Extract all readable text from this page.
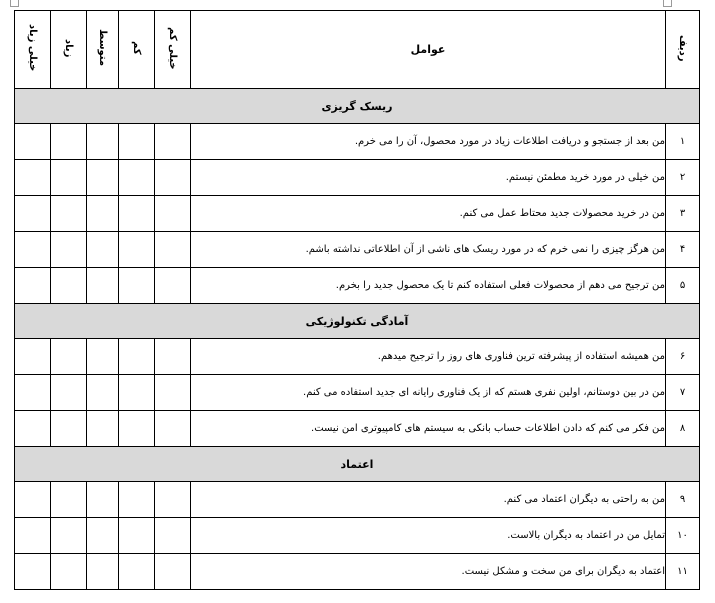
ردیف	عوامل	خیلی کم	کم	متوسط	زیاد	خیلی زیاد
ریسک گریزی						
۱	من بعد از جستجو و دریافت اطلاعات زیاد در مورد محصول، آن را می خرم.					
۲	من خیلی در مورد خرید مطمئن نیستم.					
۳	من در خرید محصولات جدید محتاط عمل می کنم.					
۴	من هرگز چیزی را نمی خرم که در مورد ریسک های ناشی از آن اطلاعاتی نداشته باشم.					
۵	من ترجیح می دهم از محصولات فعلی استفاده کنم تا یک محصول جدید را بخرم.					
آمادگی تکنولوژیکی						
۶	من همیشه استفاده از پیشرفته ترین فناوری های روز را ترجیح میدهم.					
۷	من در بین دوستانم، اولین نفری هستم که از یک فناوری رایانه ای جدید استفاده می کنم.					
۸	من فکر می کنم که دادن اطلاعات حساب بانکی به سیستم های کامپیوتری امن نیست.					
اعتماد						
۹	من به راحتی به دیگران اعتماد می کنم.					
۱۰	تمایل من در اعتماد به دیگران بالاست.					
۱۱	اعتماد به دیگران برای من سخت و مشکل نیست.					
